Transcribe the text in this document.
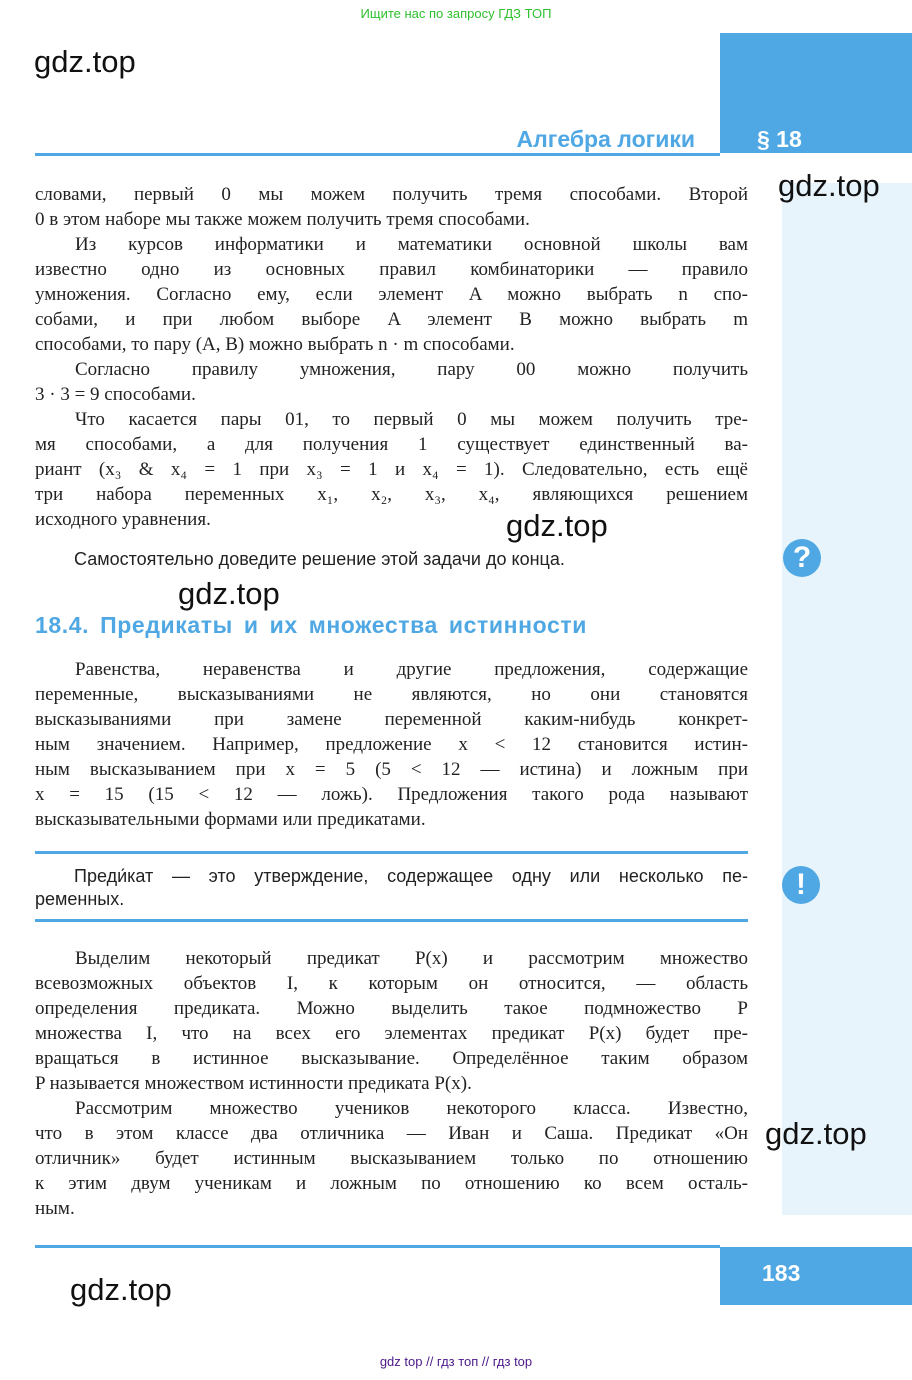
Ищите нас по запросу ГДЗ ТОП
§ 18
Алгебра логики
словами, первый 0 мы можем получить тремя способами. Второй
0 в этом наборе мы также можем получить тремя способами.
Из курсов информатики и математики основной школы вам
известно одно из основных правил комбинаторики — правило
умножения. Согласно ему, если элемент A можно выбрать n спо-
собами, и при любом выборе A элемент B можно выбрать m
способами, то пару (A, B) можно выбрать n · m способами.
Согласно правилу умножения, пару 00 можно получить
3 · 3 = 9 способами.
Что касается пары 01, то первый 0 мы можем получить тре-
мя способами, а для получения 1 существует единственный ва-
риант (x₃ & x₄ = 1 при x₃ = 1 и x₄ = 1). Следовательно, есть ещё
три набора переменных x₁, x₂, x₃, x₄, являющихся решением
исходного уравнения.
Самостоятельно доведите решение этой задачи до конца.	?
18.4. Предикаты и их множества истинности
Равенства, неравенства и другие предложения, содержащие
переменные, высказываниями не являются, но они становятся
высказываниями при замене переменной каким-нибудь конкрет-
ным значением. Например, предложение x < 12 становится истин-
ным высказыванием при x = 5 (5 < 12 — истина) и ложным при
x = 15 (15 < 12 — ложь). Предложения такого рода называют
высказывательными формами или предикатами.
Преди́кат — это утверждение, содержащее одну или несколько пе-
ременных.	!
Выделим некоторый предикат P(x) и рассмотрим множество
всевозможных объектов I, к которым он относится, — область
определения предиката. Можно выделить такое подмножество P
множества I, что на всех его элементах предикат P(x) будет пре-
вращаться в истинное высказывание. Определённое таким образом
P называется множеством истинности предиката P(x).
Рассмотрим множество учеников некоторого класса. Известно,
что в этом классе два отличника — Иван и Саша. Предикат «Он
отличник» будет истинным высказыванием только по отношению
к этим двум ученикам и ложным по отношению ко всем осталь-
ным.
183
gdz.top
gdz.top
gdz.top
gdz.top
gdz.top
gdz.top
gdz top // гдз топ // гдз top
